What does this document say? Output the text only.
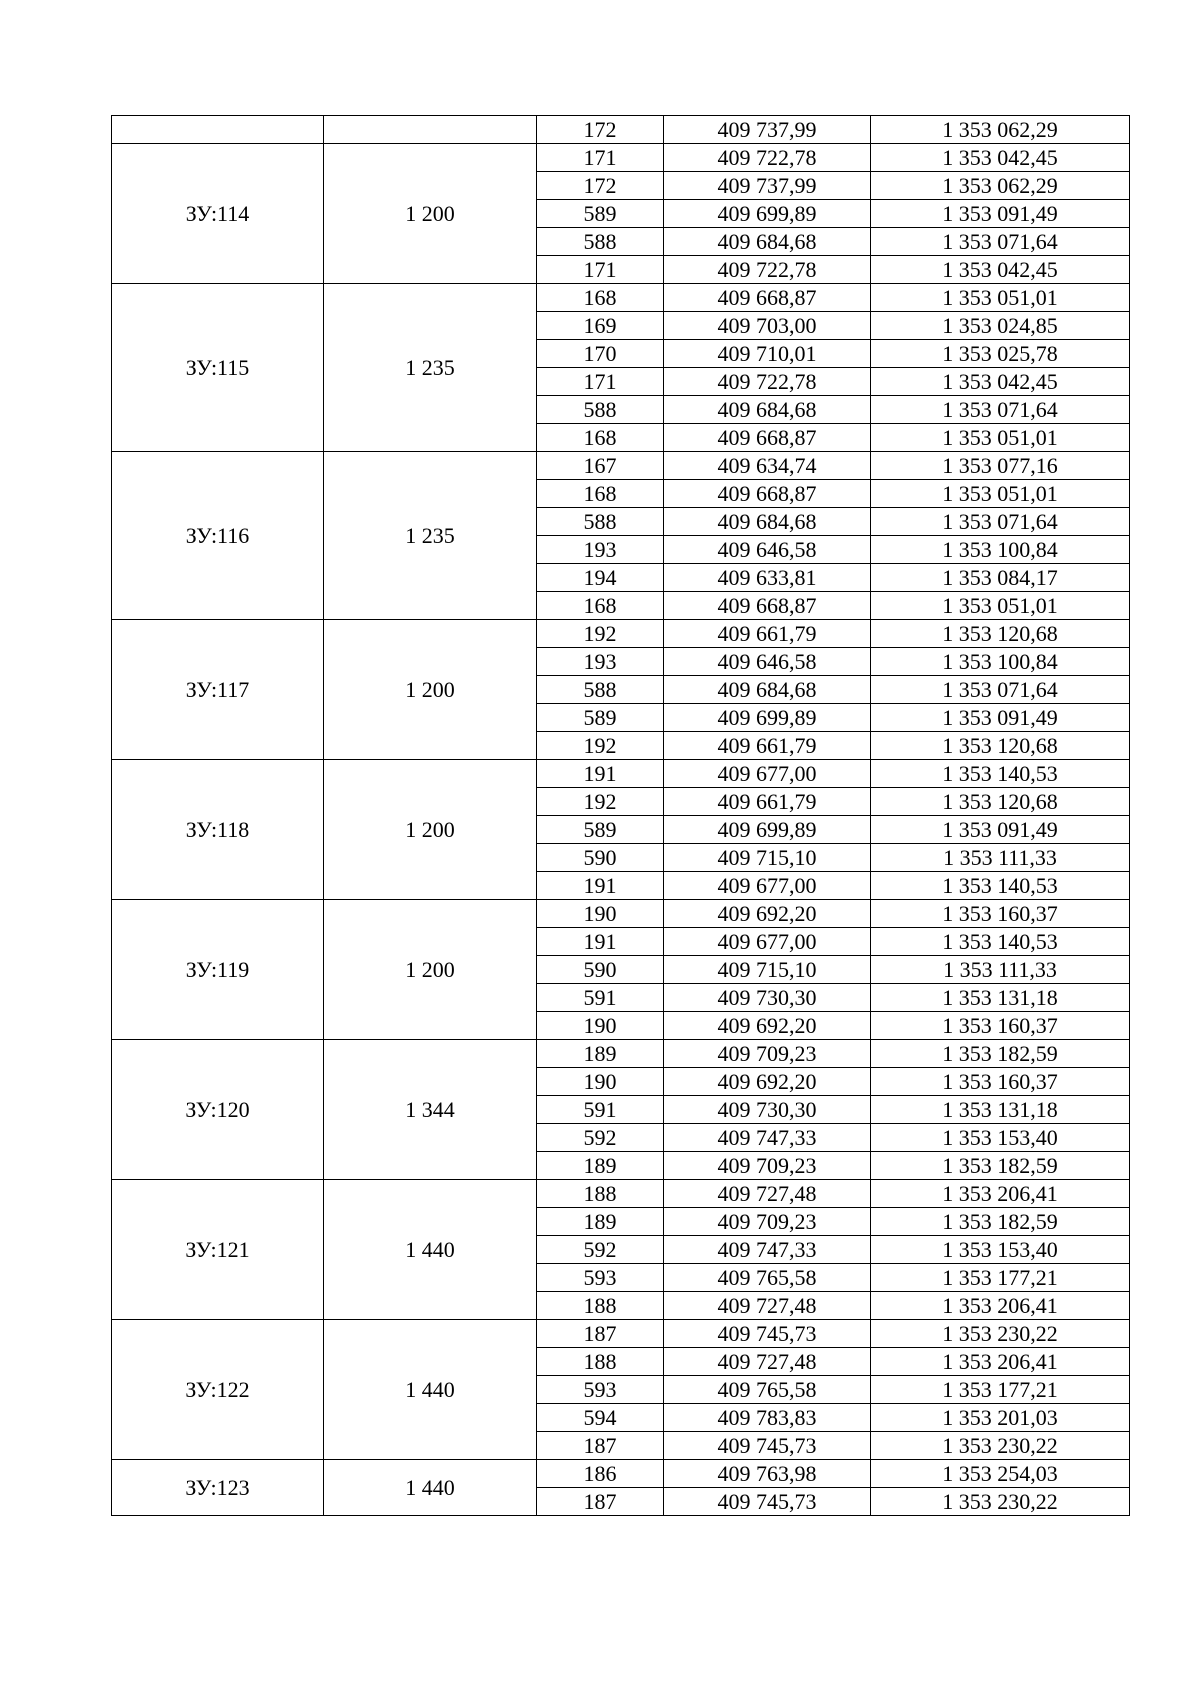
		172	409 737,99	1 353 062,29
ЗУ:114	1 200	171	409 722,78	1 353 042,45
		172	409 737,99	1 353 062,29
		589	409 699,89	1 353 091,49
		588	409 684,68	1 353 071,64
		171	409 722,78	1 353 042,45
ЗУ:115	1 235	168	409 668,87	1 353 051,01
		169	409 703,00	1 353 024,85
		170	409 710,01	1 353 025,78
		171	409 722,78	1 353 042,45
		588	409 684,68	1 353 071,64
		168	409 668,87	1 353 051,01
ЗУ:116	1 235	167	409 634,74	1 353 077,16
		168	409 668,87	1 353 051,01
		588	409 684,68	1 353 071,64
		193	409 646,58	1 353 100,84
		194	409 633,81	1 353 084,17
		168	409 668,87	1 353 051,01
ЗУ:117	1 200	192	409 661,79	1 353 120,68
		193	409 646,58	1 353 100,84
		588	409 684,68	1 353 071,64
		589	409 699,89	1 353 091,49
		192	409 661,79	1 353 120,68
ЗУ:118	1 200	191	409 677,00	1 353 140,53
		192	409 661,79	1 353 120,68
		589	409 699,89	1 353 091,49
		590	409 715,10	1 353 111,33
		191	409 677,00	1 353 140,53
ЗУ:119	1 200	190	409 692,20	1 353 160,37
		191	409 677,00	1 353 140,53
		590	409 715,10	1 353 111,33
		591	409 730,30	1 353 131,18
		190	409 692,20	1 353 160,37
ЗУ:120	1 344	189	409 709,23	1 353 182,59
		190	409 692,20	1 353 160,37
		591	409 730,30	1 353 131,18
		592	409 747,33	1 353 153,40
		189	409 709,23	1 353 182,59
ЗУ:121	1 440	188	409 727,48	1 353 206,41
		189	409 709,23	1 353 182,59
		592	409 747,33	1 353 153,40
		593	409 765,58	1 353 177,21
		188	409 727,48	1 353 206,41
ЗУ:122	1 440	187	409 745,73	1 353 230,22
		188	409 727,48	1 353 206,41
		593	409 765,58	1 353 177,21
		594	409 783,83	1 353 201,03
		187	409 745,73	1 353 230,22
ЗУ:123	1 440	186	409 763,98	1 353 254,03
		187	409 745,73	1 353 230,22
